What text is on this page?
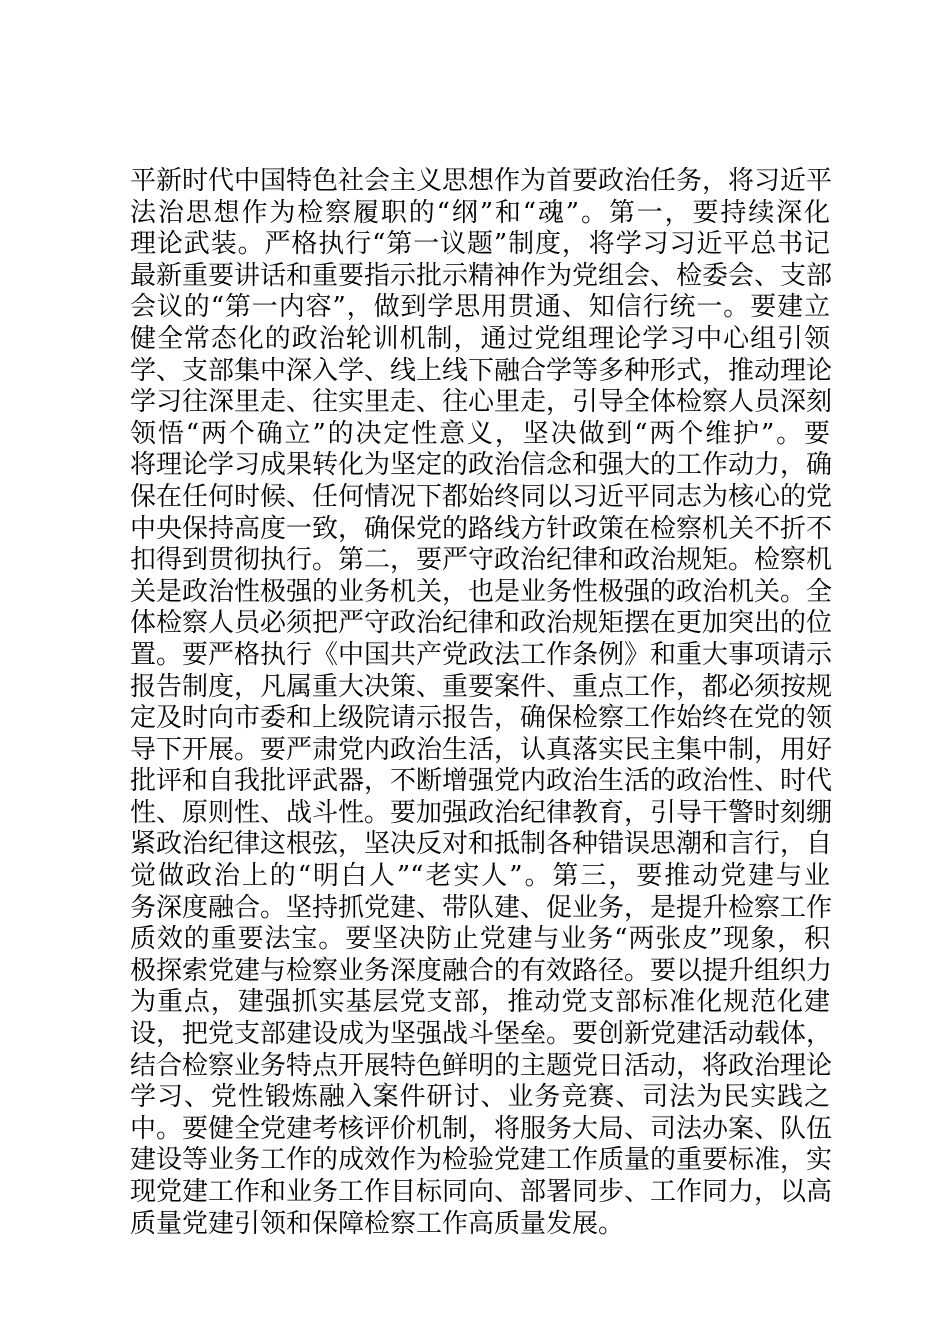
平新时代中国特色社会主义思想作为首要政治任务，将习近平
法治思想作为检察履职的“纲”和“魂”。第一，要持续深化
理论武装。严格执行“第一议题”制度，将学习习近平总书记
最新重要讲话和重要指示批示精神作为党组会、检委会、支部
会议的“第一内容”，做到学思用贯通、知信行统一。要建立
健全常态化的政治轮训机制，通过党组理论学习中心组引领
学、支部集中深入学、线上线下融合学等多种形式，推动理论
学习往深里走、往实里走、往心里走，引导全体检察人员深刻
领悟“两个确立”的决定性意义，坚决做到“两个维护”。要
将理论学习成果转化为坚定的政治信念和强大的工作动力，确
保在任何时候、任何情况下都始终同以习近平同志为核心的党
中央保持高度一致，确保党的路线方针政策在检察机关不折不
扣得到贯彻执行。第二，要严守政治纪律和政治规矩。检察机
关是政治性极强的业务机关，也是业务性极强的政治机关。全
体检察人员必须把严守政治纪律和政治规矩摆在更加突出的位
置。要严格执行《中国共产党政法工作条例》和重大事项请示
报告制度，凡属重大决策、重要案件、重点工作，都必须按规
定及时向市委和上级院请示报告，确保检察工作始终在党的领
导下开展。要严肃党内政治生活，认真落实民主集中制，用好
批评和自我批评武器，不断增强党内政治生活的政治性、时代
性、原则性、战斗性。要加强政治纪律教育，引导干警时刻绷
紧政治纪律这根弦，坚决反对和抵制各种错误思潮和言行，自
觉做政治上的“明白人”“老实人”。第三，要推动党建与业
务深度融合。坚持抓党建、带队建、促业务，是提升检察工作
质效的重要法宝。要坚决防止党建与业务“两张皮”现象，积
极探索党建与检察业务深度融合的有效路径。要以提升组织力
为重点，建强抓实基层党支部，推动党支部标准化规范化建
设，把党支部建设成为坚强战斗堡垒。要创新党建活动载体，
结合检察业务特点开展特色鲜明的主题党日活动，将政治理论
学习、党性锻炼融入案件研讨、业务竞赛、司法为民实践之
中。要健全党建考核评价机制，将服务大局、司法办案、队伍
建设等业务工作的成效作为检验党建工作质量的重要标准，实
现党建工作和业务工作目标同向、部署同步、工作同力，以高
质量党建引领和保障检察工作高质量发展。
